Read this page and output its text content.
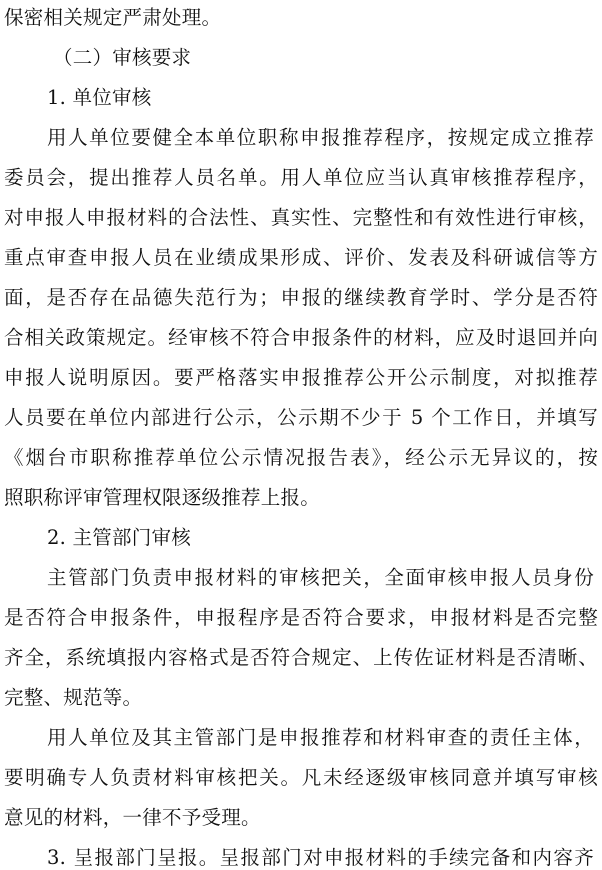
保密相关规定严肃处理。
（二）审核要求
1. 单位审核
用人单位要健全本单位职称申报推荐程序，按规定成立推荐
委员会，提出推荐人员名单。用人单位应当认真审核推荐程序，
对申报人申报材料的合法性、真实性、完整性和有效性进行审核，
重点审查申报人员在业绩成果形成、评价、发表及科研诚信等方
面，是否存在品德失范行为；申报的继续教育学时、学分是否符
合相关政策规定。经审核不符合申报条件的材料，应及时退回并向
申报人说明原因。要严格落实申报推荐公开公示制度，对拟推荐
人员要在单位内部进行公示，公示期不少于 5 个工作日，并填写
《烟台市职称推荐单位公示情况报告表》，经公示无异议的，按
照职称评审管理权限逐级推荐上报。
2. 主管部门审核
主管部门负责申报材料的审核把关，全面审核申报人员身份
是否符合申报条件，申报程序是否符合要求，申报材料是否完整
齐全，系统填报内容格式是否符合规定、上传佐证材料是否清晰、
完整、规范等。
用人单位及其主管部门是申报推荐和材料审查的责任主体，
要明确专人负责材料审核把关。凡未经逐级审核同意并填写审核
意见的材料，一律不予受理。
3. 呈报部门呈报。呈报部门对申报材料的手续完备和内容齐
